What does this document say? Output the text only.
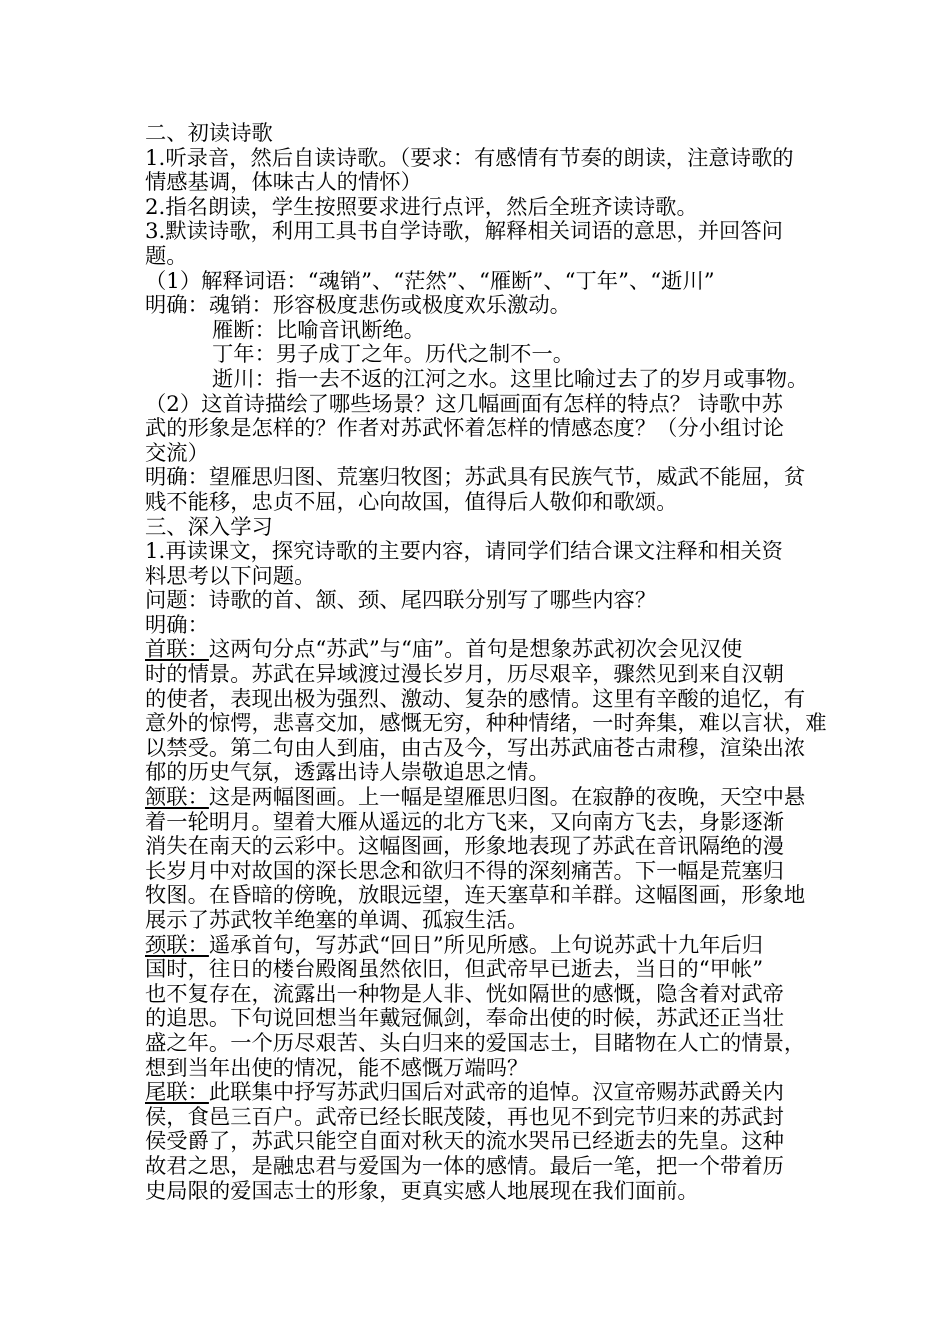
二、初读诗歌
1.听录音，然后自读诗歌。（要求：有感情有节奏的朗读，注意诗歌的
情感基调，体味古人的情怀）
2.指名朗读，学生按照要求进行点评，然后全班齐读诗歌。
3.默读诗歌，利用工具书自学诗歌，解释相关词语的意思，并回答问
题。
（1）解释词语：“魂销”、“茫然”、“雁断”、“丁年”、“逝川”
明确：魂销：形容极度悲伤或极度欢乐激动。
雁断：比喻音讯断绝。
丁年：男子成丁之年。历代之制不一。
逝川：指一去不返的江河之水。这里比喻过去了的岁月或事物。
（2）这首诗描绘了哪些场景？这几幅画面有怎样的特点？ 诗歌中苏
武的形象是怎样的？作者对苏武怀着怎样的情感态度？（分小组讨论
交流）
明确：望雁思归图、荒塞归牧图；苏武具有民族气节，威武不能屈，贫
贱不能移，忠贞不屈，心向故国，值得后人敬仰和歌颂。
三、深入学习
1.再读课文，探究诗歌的主要内容，请同学们结合课文注释和相关资
料思考以下问题。
问题：诗歌的首、颔、颈、尾四联分别写了哪些内容？
明确：
首联：这两句分点“苏武”与“庙”。首句是想象苏武初次会见汉使
时的情景。苏武在异域渡过漫长岁月，历尽艰辛，骤然见到来自汉朝
的使者，表现出极为强烈、激动、复杂的感情。这里有辛酸的追忆，有
意外的惊愕，悲喜交加，感慨无穷，种种情绪，一时奔集，难以言状，难
以禁受。第二句由人到庙，由古及今，写出苏武庙苍古肃穆，渲染出浓
郁的历史气氛，透露出诗人崇敬追思之情。
颔联：这是两幅图画。上一幅是望雁思归图。在寂静的夜晚，天空中悬
着一轮明月。望着大雁从遥远的北方飞来，又向南方飞去，身影逐渐
消失在南天的云彩中。这幅图画，形象地表现了苏武在音讯隔绝的漫
长岁月中对故国的深长思念和欲归不得的深刻痛苦。下一幅是荒塞归
牧图。在昏暗的傍晚，放眼远望，连天塞草和羊群。这幅图画，形象地
展示了苏武牧羊绝塞的单调、孤寂生活。
颈联：遥承首句，写苏武“回日”所见所感。上句说苏武十九年后归
国时，往日的楼台殿阁虽然依旧，但武帝早已逝去，当日的“甲帐”
也不复存在，流露出一种物是人非、恍如隔世的感慨，隐含着对武帝
的追思。下句说回想当年戴冠佩剑，奉命出使的时候，苏武还正当壮
盛之年。一个历尽艰苦、头白归来的爱国志士，目睹物在人亡的情景，
想到当年出使的情况，能不感慨万端吗？
尾联：此联集中抒写苏武归国后对武帝的追悼。汉宣帝赐苏武爵关内
侯，食邑三百户。武帝已经长眠茂陵，再也见不到完节归来的苏武封
侯受爵了，苏武只能空自面对秋天的流水哭吊已经逝去的先皇。这种
故君之思，是融忠君与爱国为一体的感情。最后一笔，把一个带着历
史局限的爱国志士的形象，更真实感人地展现在我们面前。
